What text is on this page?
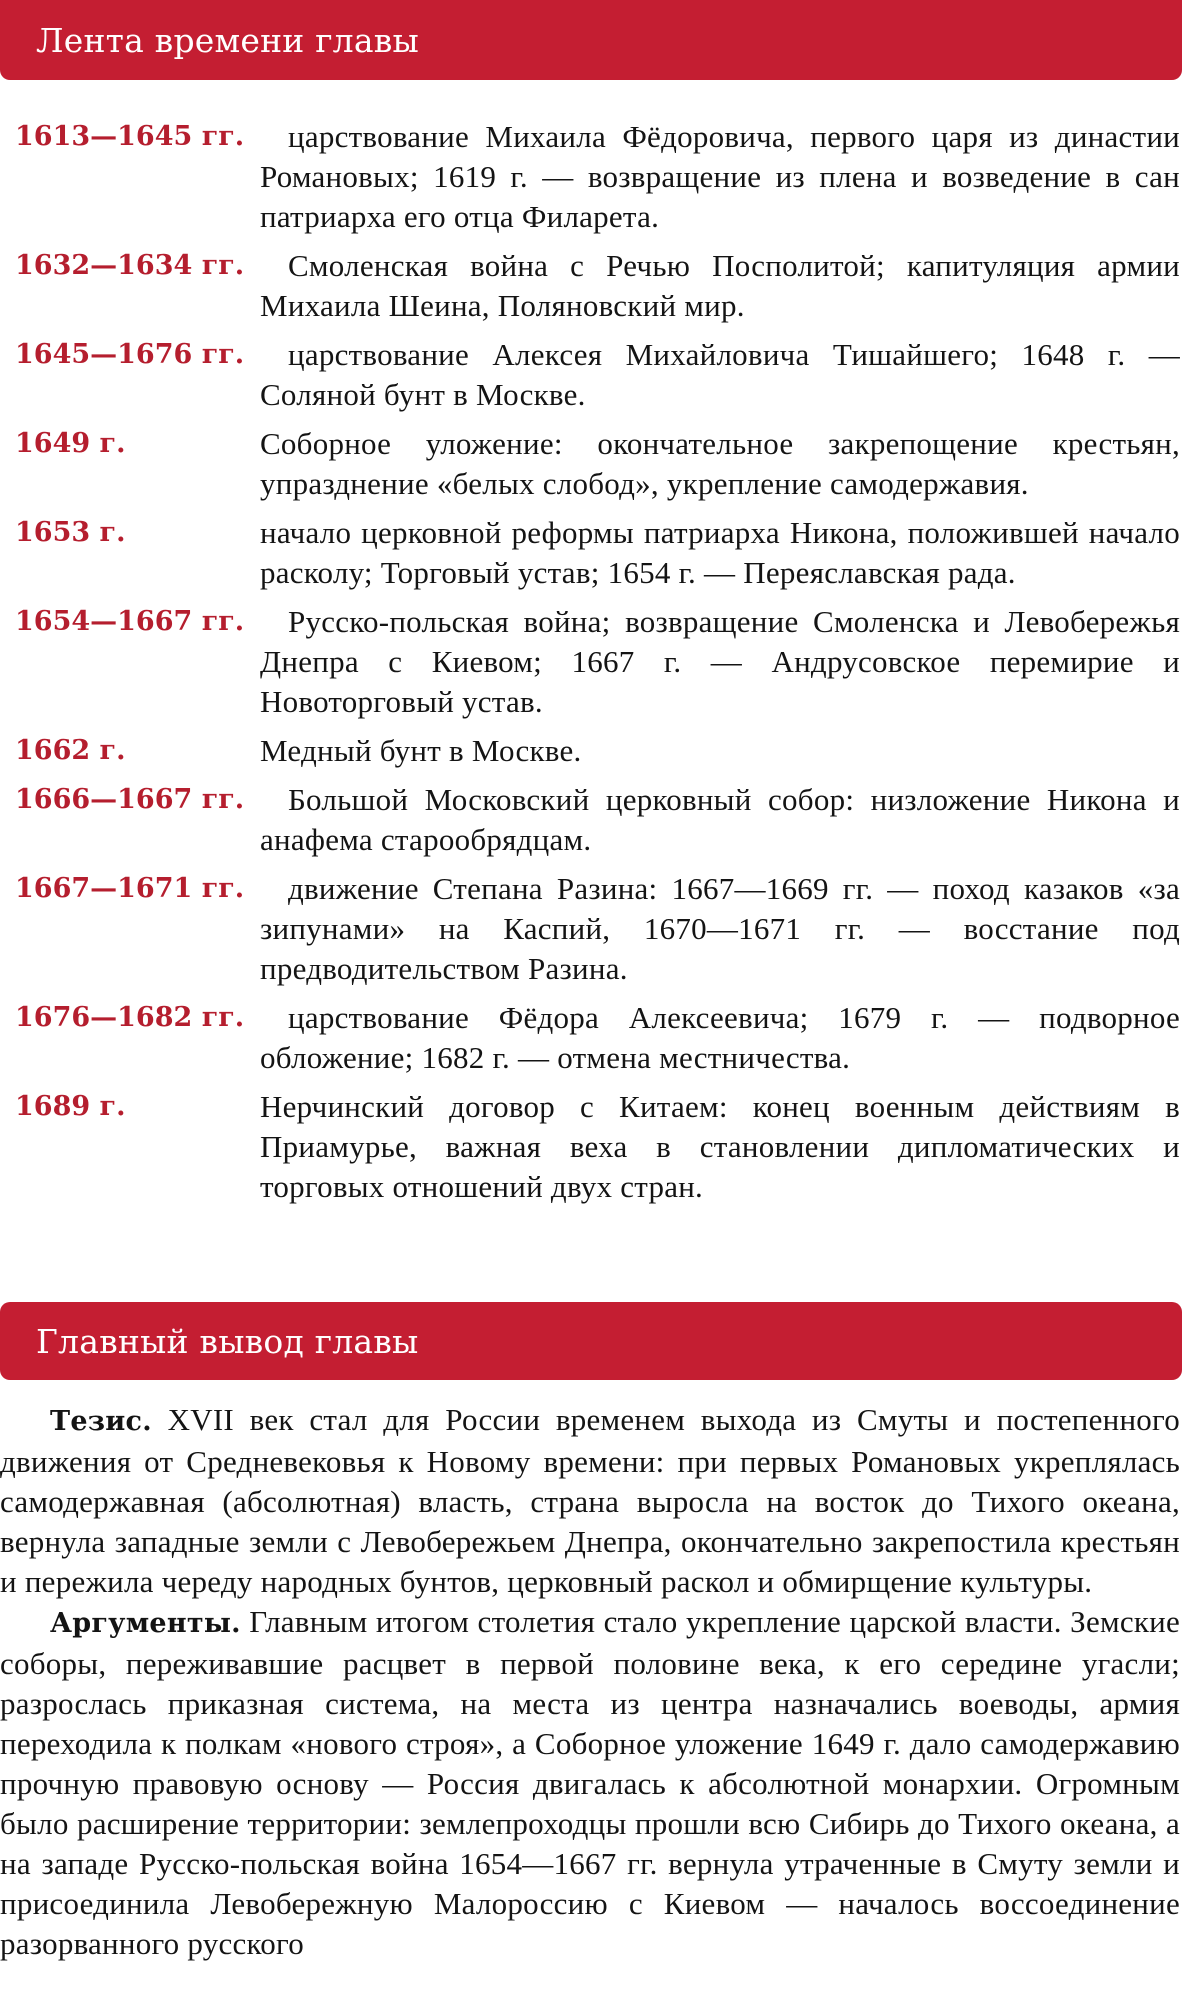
Лента времени главы
1613—1645 гг.	царствование Михаила Фёдоровича, первого царя из династии Романовых; 1619 г. — возвращение из плена и возведение в сан патриарха его отца Филарета.
1632—1634 гг.	Смоленская война с Речью Посполитой; капитуляция армии Михаила Шеина, Поляновский мир.
1645—1676 гг.	царствование Алексея Михайловича Тишайшего; 1648 г. — Соляной бунт в Москве.
1649 г.	Соборное уложение: окончательное закрепощение крестьян, упразднение «белых слобод», укрепление самодержавия.
1653 г.	начало церковной реформы патриарха Никона, положившей начало расколу; Торговый устав; 1654 г. — Переяславская рада.
1654—1667 гг.	Русско-польская война; возвращение Смоленска и Левобережья Днепра с Киевом; 1667 г. — Андрусовское перемирие и Новоторговый устав.
1662 г.	Медный бунт в Москве.
1666—1667 гг.	Большой Московский церковный собор: низложение Никона и анафема старообрядцам.
1667—1671 гг.	движение Степана Разина: 1667—1669 гг. — поход казаков «за зипунами» на Каспий, 1670—1671 гг. — восстание под предводительством Разина.
1676—1682 гг.	царствование Фёдора Алексеевича; 1679 г. — подворное обложение; 1682 г. — отмена местничества.
1689 г.	Нерчинский договор с Китаем: конец военным действиям в Приамурье, важная веха в становлении дипломатических и торговых отношений двух стран.
Главный вывод главы

Тезис. XVII век стал для России временем выхода из Смуты и постепенного движения от Средневековья к Новому времени: при первых Романовых укреплялась самодержавная (абсолютная) власть, страна выросла на восток до Тихого океана, вернула западные земли с Левобережьем Днепра, окончательно закрепостила крестьян и пережила череду народных бунтов, церковный раскол и обмирщение культуры.

Аргументы. Главным итогом столетия стало укрепление царской власти. Земские соборы, переживавшие расцвет в первой половине века, к его середине угасли; разрослась приказная система, на места из центра назначались воеводы, армия переходила к полкам «нового строя», а Соборное уложение 1649 г. дало самодержавию прочную правовую основу — Россия двигалась к абсолютной монархии. Огромным было расширение территории: землепроходцы прошли всю Сибирь до Тихого океана, а на западе Русско-польская война 1654—1667 гг. вернула утраченные в Смуту земли и присоединила Левобережную Малороссию с Киевом — началось воссоединение разорванного русского
